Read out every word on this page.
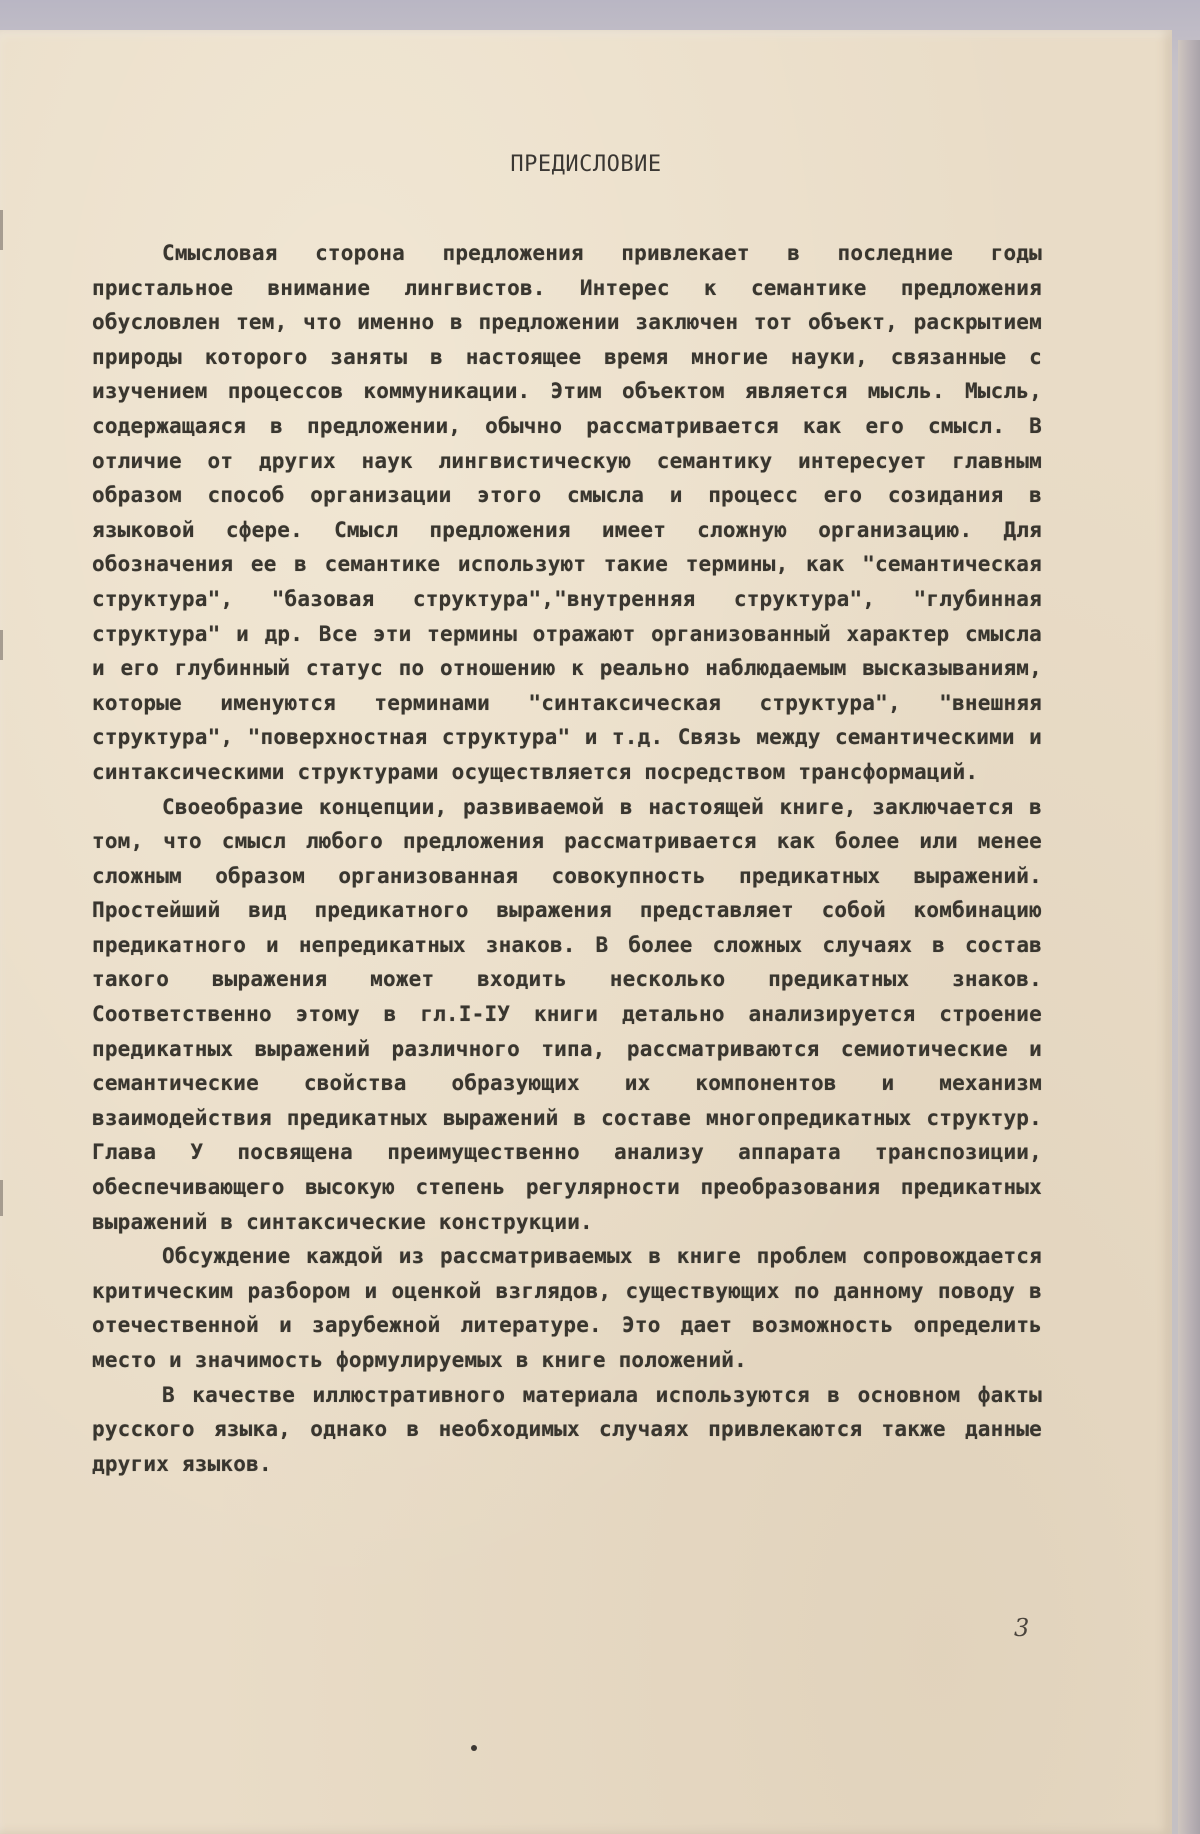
ПРЕДИСЛОВИЕ

Смысловая сторона предложения привлекает в последние годы пристальное внимание лингвистов. Интерес к семантике предложения обусловлен тем, что именно в предложении заключен тот объект, раскрытием природы которого заняты в настоящее время многие науки, связанные с изучением процессов коммуникации. Этим объектом является мысль. Мысль, содержащаяся в предложении, обычно рассматривается как его смысл. В отличие от других наук лингвистическую семантику интересует главным образом способ организации этого смысла и процесс его созидания в языковой сфере. Смысл предложения имеет сложную организацию. Для обозначения ее в семантике используют такие термины, как "семантическая структура", "базовая структура","внутренняя структура", "глубинная структура" и др. Все эти термины отражают организованный характер смысла и его глубинный статус по отношению к реально наблюдаемым высказываниям, которые именуются терминами "синтаксическая структура", "внешняя структура", "поверхностная структура" и т.д. Связь между семантическими и синтаксическими структурами осуществляется посредством трансформаций.

Своеобразие концепции, развиваемой в настоящей книге, заключается в том, что смысл любого предложения рассматривается как более или менее сложным образом организованная совокупность предикатных выражений. Простейший вид предикатного выражения представляет собой комбинацию предикатного и непредикатных знаков. В более сложных случаях в состав такого выражения может входить несколько предикатных знаков. Соответственно этому в гл.I-IУ книги детально анализируется строение предикатных выражений различного типа, рассматриваются семиотические и семантические свойства образующих их компонентов и механизм взаимодействия предикатных выражений в составе многопредикатных структур. Глава У посвящена преимущественно анализу аппарата транспозиции, обеспечивающего высокую степень регулярности преобразования предикатных выражений в синтаксические конструкции.

Обсуждение каждой из рассматриваемых в книге проблем сопровождается критическим разбором и оценкой взглядов, существующих по данному поводу в отечественной и зарубежной литературе. Это дает возможность определить место и значимость формулируемых в книге положений.

В качестве иллюстративного материала используются в основном факты русского языка, однако в необходимых случаях привлекаются также данные других языков.

3
